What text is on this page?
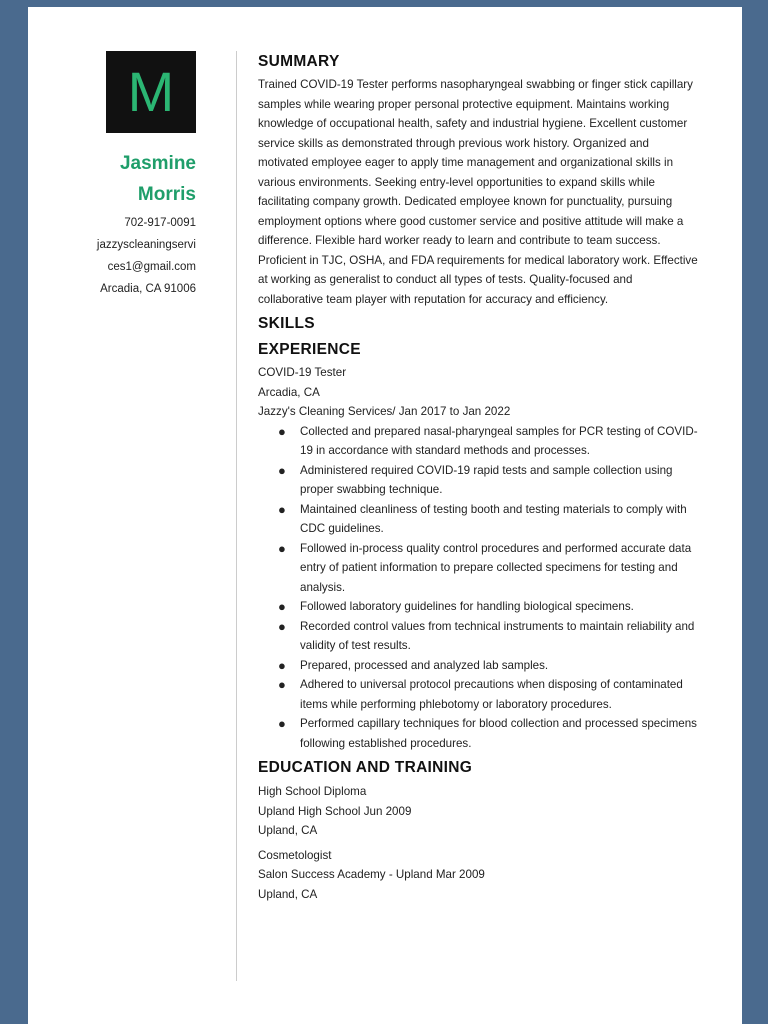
M
Jasmine
Morris
702-917-0091
jazzyscleaningservi
ces1@gmail.com
Arcadia, CA 91006
SUMMARY

Trained COVID-19 Tester performs nasopharyngeal swabbing or finger stick capillary samples while wearing proper personal protective equipment. Maintains working knowledge of occupational health, safety and industrial hygiene. Excellent customer service skills as demonstrated through previous work history. Organized and motivated employee eager to apply time management and organizational skills in various environments. Seeking entry-level opportunities to expand skills while facilitating company growth. Dedicated employee known for punctuality, pursuing employment options where good customer service and positive attitude will make a difference. Flexible hard worker ready to learn and contribute to team success. Proficient in TJC, OSHA, and FDA requirements for medical laboratory work. Effective at working as generalist to conduct all types of tests. Quality-focused and collaborative team player with reputation for accuracy and efficiency.

SKILLS
EXPERIENCE

COVID-19 Tester

Arcadia, CA

Jazzy's Cleaning Services/ Jan 2017 to Jan 2022

● Collected and prepared nasal-pharyngeal samples for PCR testing of COVID-19 in accordance with standard methods and processes.
● Administered required COVID-19 rapid tests and sample collection using proper swabbing technique.
● Maintained cleanliness of testing booth and testing materials to comply with CDC guidelines.
● Followed in-process quality control procedures and performed accurate data entry of patient information to prepare collected specimens for testing and analysis.
● Followed laboratory guidelines for handling biological specimens.
● Recorded control values from technical instruments to maintain reliability and validity of test results.
● Prepared, processed and analyzed lab samples.
● Adhered to universal protocol precautions when disposing of contaminated items while performing phlebotomy or laboratory procedures.
● Performed capillary techniques for blood collection and processed specimens following established procedures.
EDUCATION AND TRAINING

High School Diploma

Upland High School Jun 2009

Upland, CA

Cosmetologist

Salon Success Academy - Upland Mar 2009

Upland, CA
